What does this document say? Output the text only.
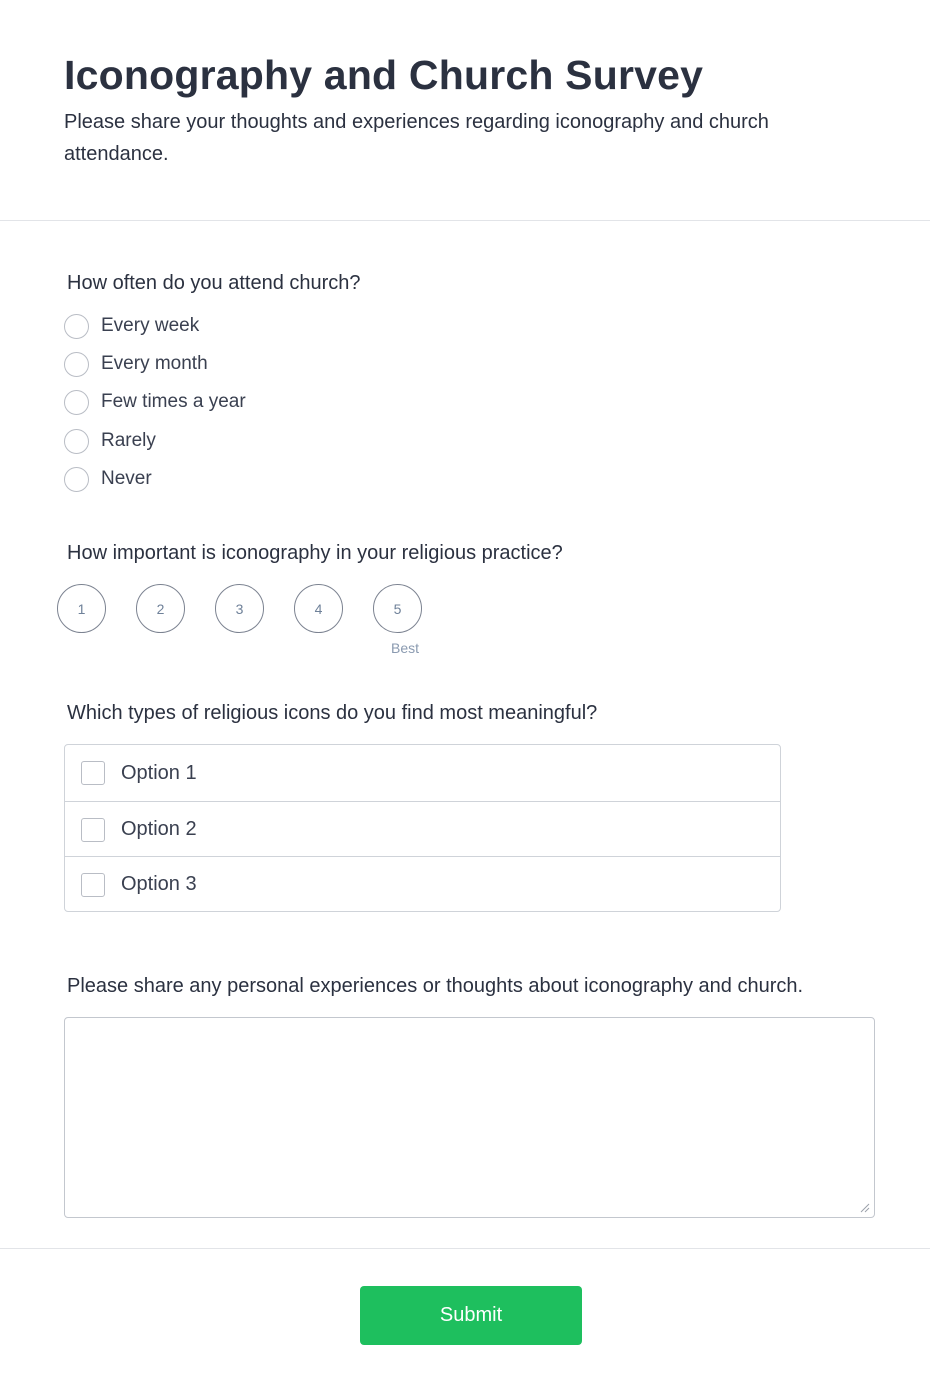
Iconography and Church Survey

Please share your thoughts and experiences regarding iconography and church attendance.

How often do you attend church?
Every week
Every month
Few times a year
Rarely
Never
How important is iconography in your religious practice?
1	2	3	4	5
Best
Which types of religious icons do you find most meaningful?
Option 1
Option 2
Option 3
Please share any personal experiences or thoughts about iconography and church.
Submit
